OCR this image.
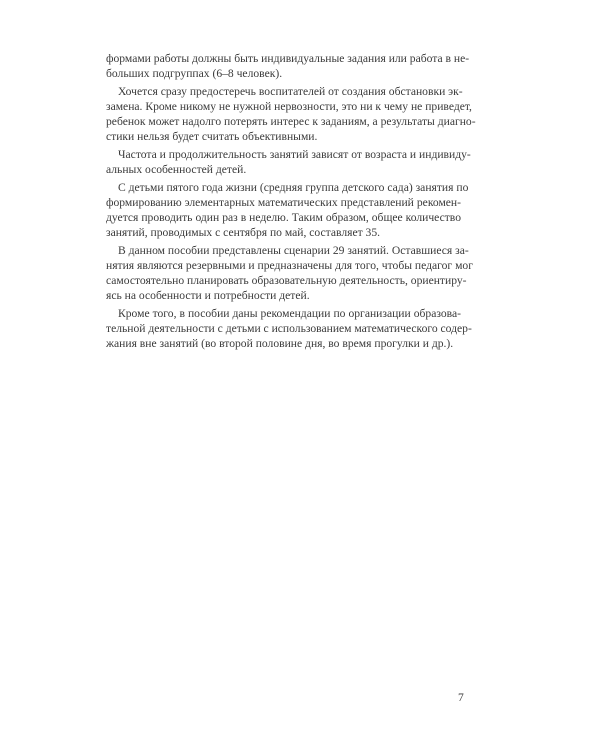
формами работы должны быть индивидуальные задания или работа в не-
больших подгруппах (6–8 человек).

Хочется сразу предостеречь воспитателей от создания обстановки эк-
замена. Кроме никому не нужной нервозности, это ни к чему не приведет,
ребенок может надолго потерять интерес к заданиям, а результаты диагно-
стики нельзя будет считать объективными.

Частота и продолжительность занятий зависят от возраста и индивиду-
альных особенностей детей.

С детьми пятого года жизни (средняя группа детского сада) занятия по
формированию элементарных математических представлений рекомен-
дуется проводить один раз в неделю. Таким образом, общее количество
занятий, проводимых с сентября по май, составляет 35.

В данном пособии представлены сценарии 29 занятий. Оставшиеся за-
нятия являются резервными и предназначены для того, чтобы педагог мог
самостоятельно планировать образовательную деятельность, ориентиру-
ясь на особенности и потребности детей.

Кроме того, в пособии даны рекомендации по организации образова-
тельной деятельности с детьми с использованием математического содер-
жания вне занятий (во второй половине дня, во время прогулки и др.).

7
